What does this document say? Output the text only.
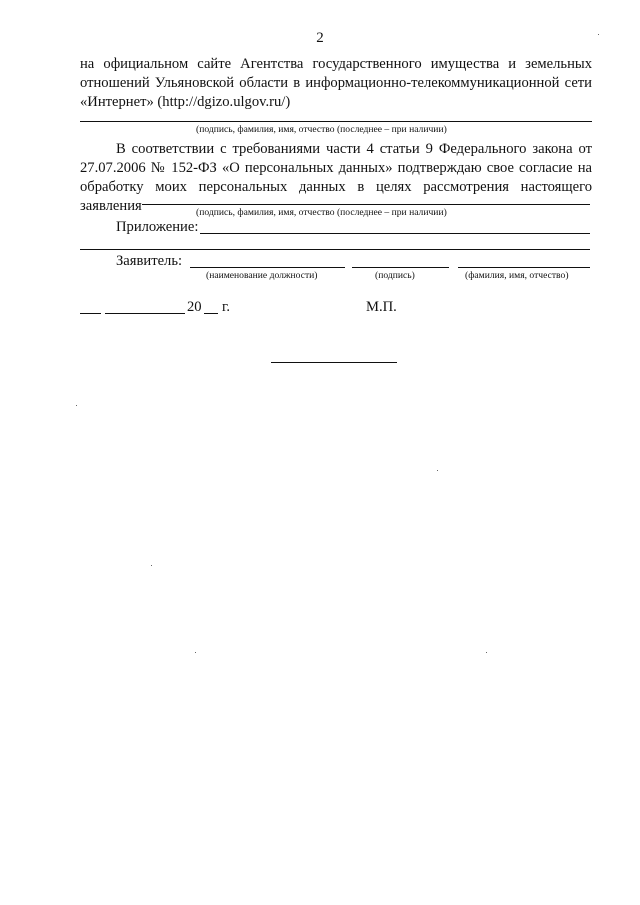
2
на официальном сайте Агентства государственного имущества и земельных отношений Ульяновской области в информационно-телекоммуникационной сети «Интернет» (http://dgizo.ulgov.ru/)
(подпись, фамилия, имя, отчество (последнее – при наличии)
В соответствии с требованиями части 4 статьи 9 Федерального закона от 27.07.2006 № 152-ФЗ «О персональных данных» подтверждаю свое согласие на обработку моих персональных данных в целях рассмотрения настоящего заявления	(подпись, фамилия, имя, отчество (последнее – при наличии)
Приложение:
Заявитель:
(наименование должности)	(подпись)	(фамилия, имя, отчество)
20 г.	М.П.
